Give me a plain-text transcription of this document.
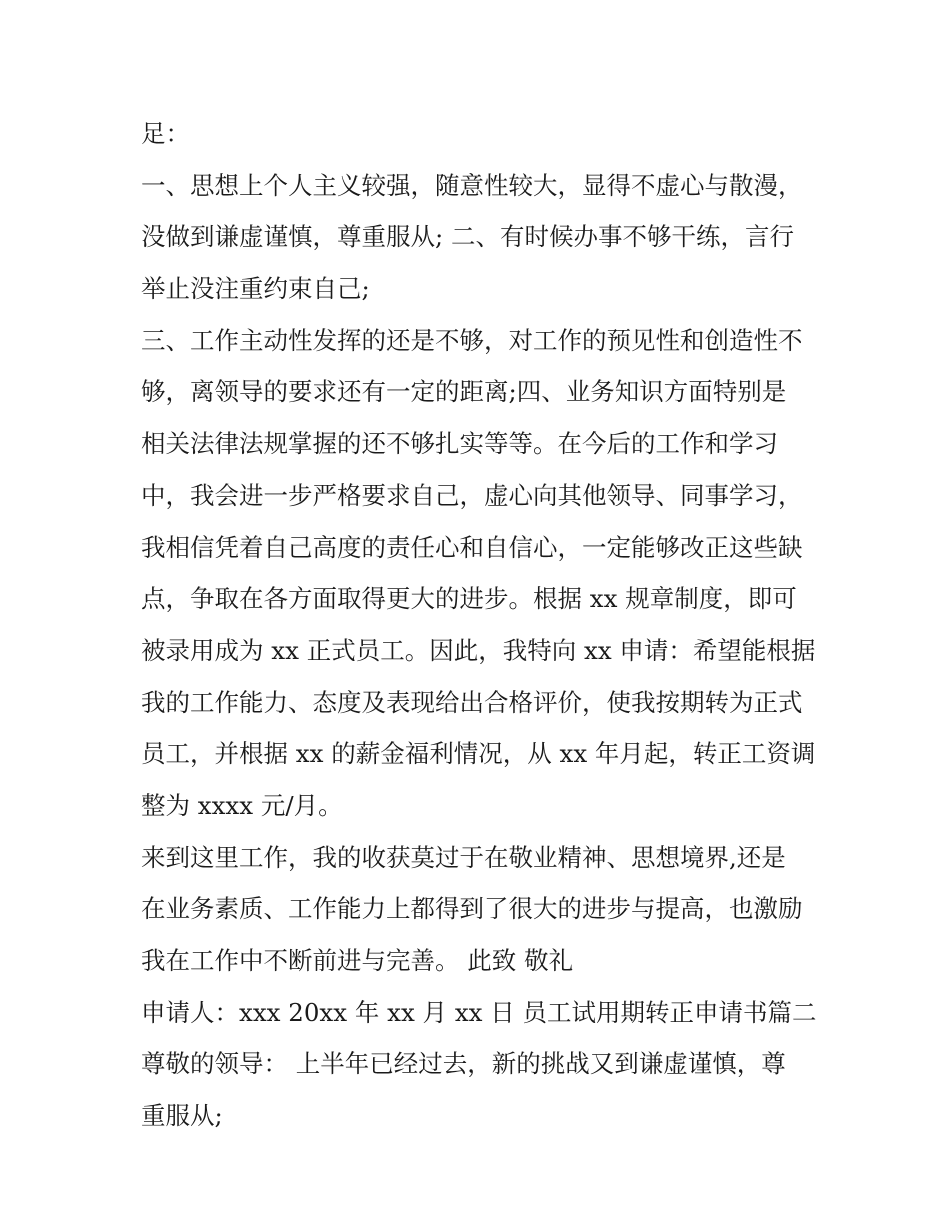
足：
一、思想上个人主义较强，随意性较大，显得不虚心与散漫，
没做到谦虚谨慎，尊重服从; 二、有时候办事不够干练，言行
举止没注重约束自己;
三、工作主动性发挥的还是不够，对工作的预见性和创造性不
够，离领导的要求还有一定的距离;四、业务知识方面特别是
相关法律法规掌握的还不够扎实等等。在今后的工作和学习
中，我会进一步严格要求自己，虚心向其他领导、同事学习，
我相信凭着自己高度的责任心和自信心，一定能够改正这些缺
点，争取在各方面取得更大的进步。根据 xx 规章制度，即可
被录用成为 xx 正式员工。因此，我特向 xx 申请：希望能根据
我的工作能力、态度及表现给出合格评价，使我按期转为正式
员工，并根据 xx 的薪金福利情况，从 xx 年月起，转正工资调
整为 xxxx 元/月。
来到这里工作，我的收获莫过于在敬业精神、思想境界,还是
在业务素质、工作能力上都得到了很大的进步与提高，也激励
我在工作中不断前进与完善。 此致 敬礼
申请人：xxx 20xx 年 xx 月 xx 日 员工试用期转正申请书篇二
尊敬的领导： 上半年已经过去，新的挑战又到谦虚谨慎，尊
重服从;
